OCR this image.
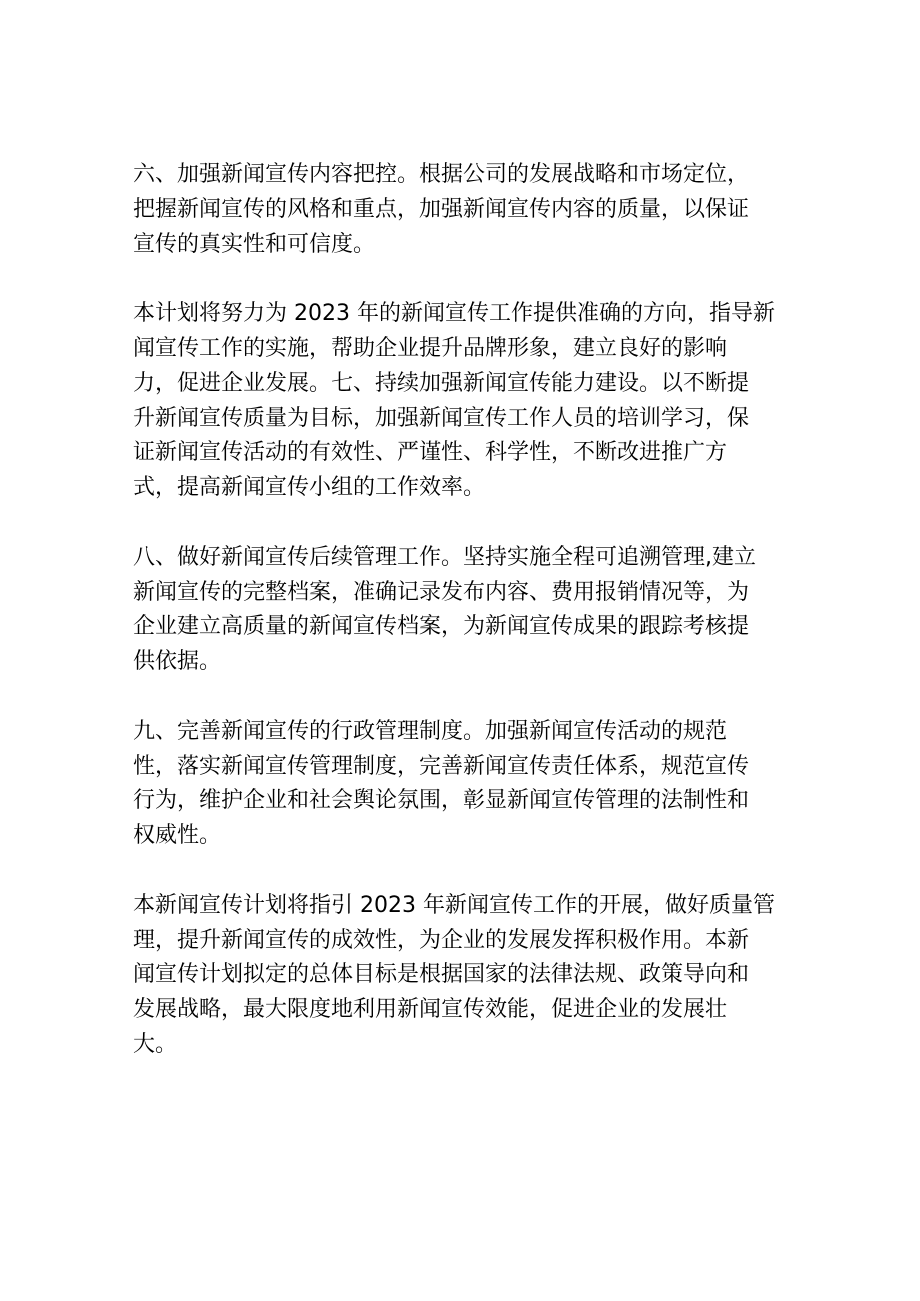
六、加强新闻宣传内容把控。根据公司的发展战略和市场定位，
把握新闻宣传的风格和重点，加强新闻宣传内容的质量，以保证
宣传的真实性和可信度。

本计划将努力为 2023 年的新闻宣传工作提供准确的方向，指导新
闻宣传工作的实施，帮助企业提升品牌形象，建立良好的影响
力，促进企业发展。七、持续加强新闻宣传能力建设。以不断提
升新闻宣传质量为目标，加强新闻宣传工作人员的培训学习，保
证新闻宣传活动的有效性、严谨性、科学性，不断改进推广方
式，提高新闻宣传小组的工作效率。

八、做好新闻宣传后续管理工作。坚持实施全程可追溯管理,建立
新闻宣传的完整档案，准确记录发布内容、费用报销情况等，为
企业建立高质量的新闻宣传档案，为新闻宣传成果的跟踪考核提
供依据。

九、完善新闻宣传的行政管理制度。加强新闻宣传活动的规范
性，落实新闻宣传管理制度，完善新闻宣传责任体系，规范宣传
行为，维护企业和社会舆论氛围，彰显新闻宣传管理的法制性和
权威性。

本新闻宣传计划将指引 2023 年新闻宣传工作的开展，做好质量管
理，提升新闻宣传的成效性，为企业的发展发挥积极作用。本新
闻宣传计划拟定的总体目标是根据国家的法律法规、政策导向和
发展战略，最大限度地利用新闻宣传效能，促进企业的发展壮
大。
